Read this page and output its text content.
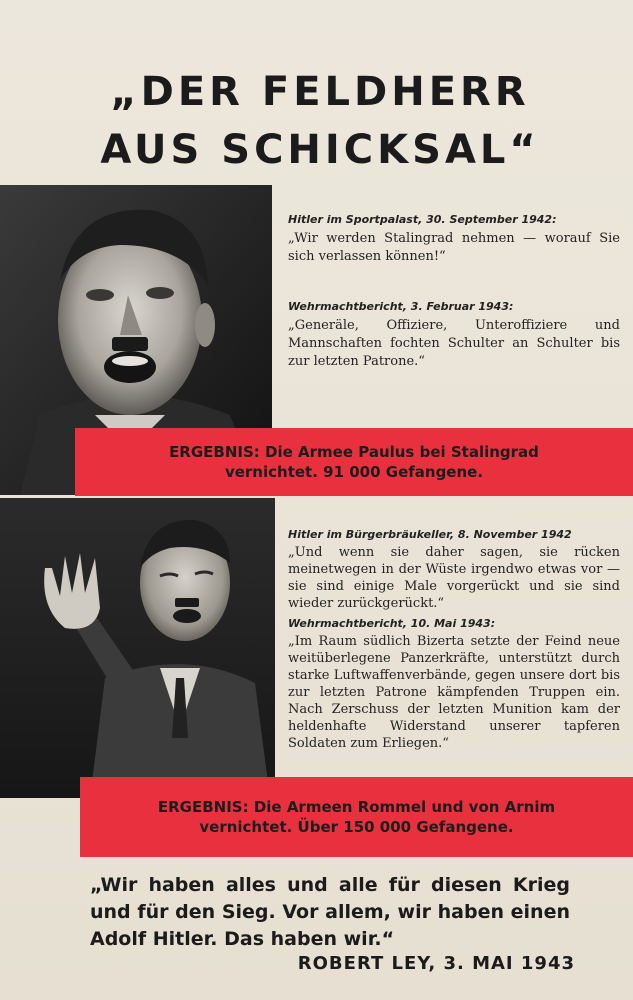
„DER FELDHERR
AUS SCHICKSAL“
Hitler im Sportpalast, 30. September 1942:
„Wir werden Stalingrad nehmen — worauf Sie sich verlassen können!“
Wehrmachtbericht, 3. Februar 1943:
„Generäle, Offiziere, Unteroffiziere und Mannschaften fochten Schulter an Schulter bis zur letzten Patrone.“
ERGEBNIS: Die Armee Paulus bei Stalingrad
vernichtet. 91 000 Gefangene.
Hitler im Bürgerbräukeller, 8. November 1942
„Und wenn sie daher sagen, sie rücken meinetwegen in der Wüste irgendwo etwas vor — sie sind einige Male vorgerückt und sie sind wieder zurückgerückt.“
Wehrmachtbericht, 10. Mai 1943:
„Im Raum südlich Bizerta setzte der Feind neue weitüberlegene Panzerkräfte, unterstützt durch starke Luftwaffenverbände, gegen unsere dort bis zur letzten Patrone kämpfenden Truppen ein. Nach Zerschuss der letzten Munition kam der heldenhafte Widerstand unserer tapferen Soldaten zum Erliegen.“
ERGEBNIS: Die Armeen Rommel und von Arnim
vernichtet. Über 150 000 Gefangene.
„Wir haben alles und alle für diesen Krieg und für den Sieg. Vor allem, wir haben einen Adolf Hitler. Das haben wir.“
ROBERT LEY, 3. MAI 1943
